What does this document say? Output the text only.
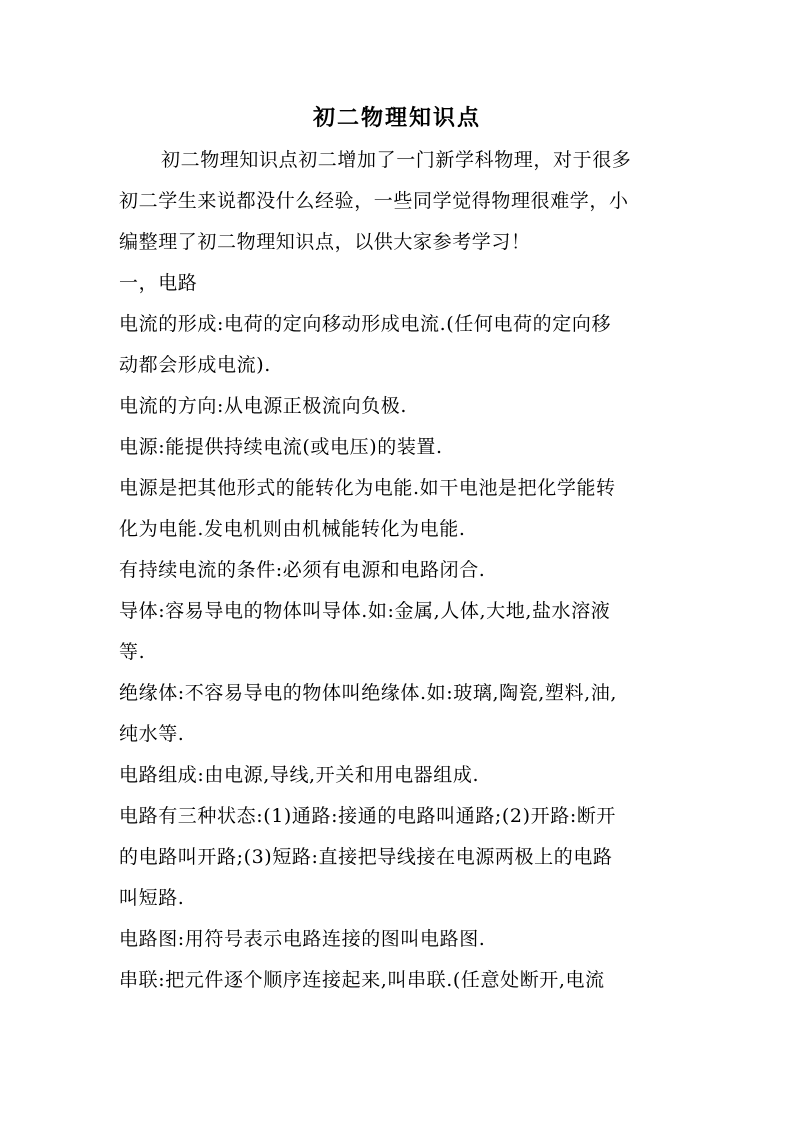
初二物理知识点
初二物理知识点初二增加了一门新学科物理，对于很多
初二学生来说都没什么经验，一些同学觉得物理很难学，小
编整理了初二物理知识点，以供大家参考学习！
一，电路
电流的形成:电荷的定向移动形成电流.(任何电荷的定向移
动都会形成电流).
电流的方向:从电源正极流向负极.
电源:能提供持续电流(或电压)的装置.
电源是把其他形式的能转化为电能.如干电池是把化学能转
化为电能.发电机则由机械能转化为电能.
有持续电流的条件:必须有电源和电路闭合.
导体:容易导电的物体叫导体.如:金属,人体,大地,盐水溶液
等.
绝缘体:不容易导电的物体叫绝缘体.如:玻璃,陶瓷,塑料,油,
纯水等.
电路组成:由电源,导线,开关和用电器组成.
电路有三种状态:(1)通路:接通的电路叫通路;(2)开路:断开
的电路叫开路;(3)短路:直接把导线接在电源两极上的电路
叫短路.
电路图:用符号表示电路连接的图叫电路图.
串联:把元件逐个顺序连接起来,叫串联.(任意处断开,电流
